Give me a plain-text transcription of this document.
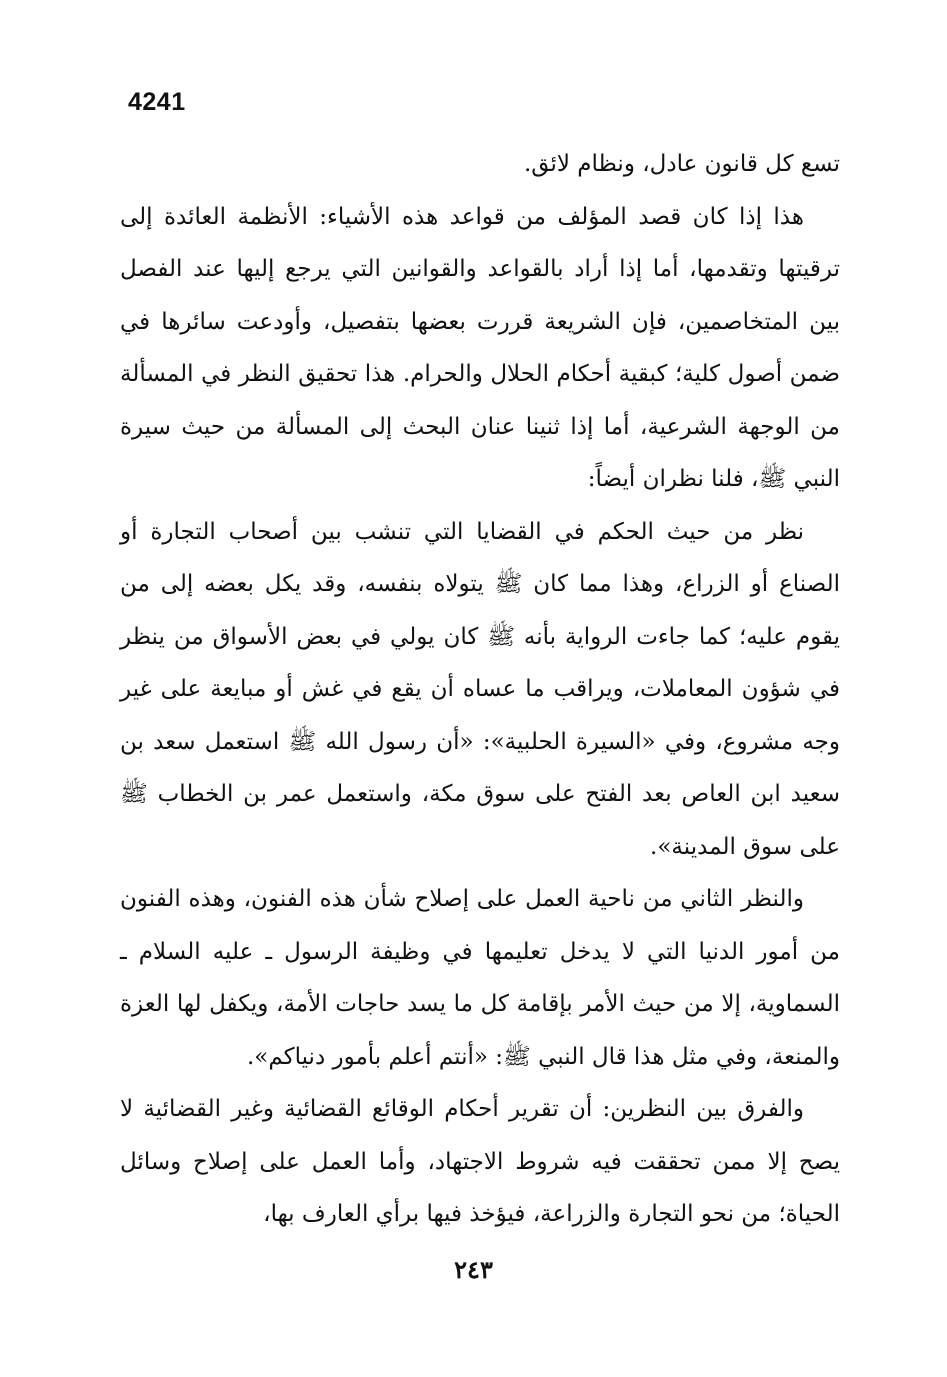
4241

تسع كل قانون عادل، ونظام لائق.

هذا إذا كان قصد المؤلف من قواعد هذه الأشياء: الأنظمة العائدة إلى ترقيتها وتقدمها، أما إذا أراد بالقواعد والقوانين التي يرجع إليها عند الفصل بين المتخاصمين، فإن الشريعة قررت بعضها بتفصيل، وأودعت سائرها في ضمن أصول كلية؛ كبقية أحكام الحلال والحرام. هذا تحقيق النظر في المسألة من الوجهة الشرعية، أما إذا ثنينا عنان البحث إلى المسألة من حيث سيرة النبي ﷺ، فلنا نظران أيضاً:

نظر من حيث الحكم في القضايا التي تنشب بين أصحاب التجارة أو الصناع أو الزراع، وهذا مما كان ﷺ يتولاه بنفسه، وقد يكل بعضه إلى من يقوم عليه؛ كما جاءت الرواية بأنه ﷺ كان يولي في بعض الأسواق من ينظر في شؤون المعاملات، ويراقب ما عساه أن يقع في غش أو مبايعة على غير وجه مشروع، وفي «السيرة الحلبية»: «أن رسول الله ﷺ استعمل سعد بن سعيد ابن العاص بعد الفتح على سوق مكة، واستعمل عمر بن الخطاب ﷺ على سوق المدينة».

والنظر الثاني من ناحية العمل على إصلاح شأن هذه الفنون، وهذه الفنون من أمور الدنيا التي لا يدخل تعليمها في وظيفة الرسول ـ عليه السلام ـ السماوية، إلا من حيث الأمر بإقامة كل ما يسد حاجات الأمة، ويكفل لها العزة والمنعة، وفي مثل هذا قال النبي ﷺ: «أنتم أعلم بأمور دنياكم».

والفرق بين النظرين: أن تقرير أحكام الوقائع القضائية وغير القضائية لا يصح إلا ممن تحققت فيه شروط الاجتهاد، وأما العمل على إصلاح وسائل الحياة؛ من نحو التجارة والزراعة، فيؤخذ فيها برأي العارف بها،

٢٤٣
